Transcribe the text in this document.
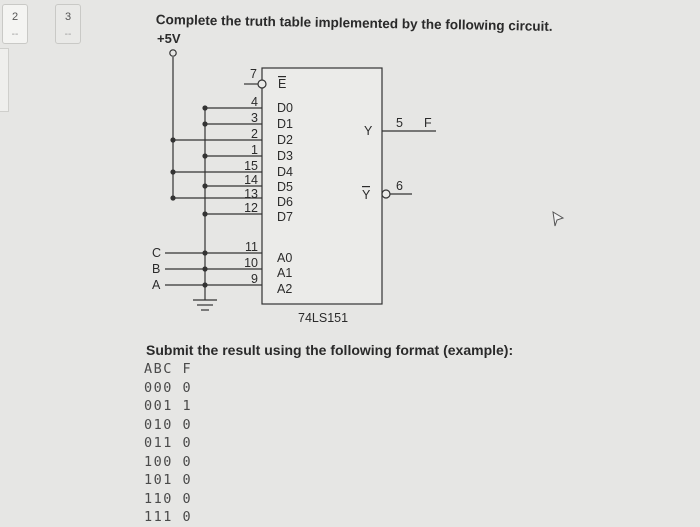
2
--
3
--
Complete the truth table implemented by the following circuit.
+5V
7
E
4
3
2
1
15
14
13
12
D0
D1
D2
D3
D4
D5
D6
D7
11
10
9
A0
A1
A2
C
B
A
Y
5 F
Y
6
74LS151
Submit the result using the following format (example):
ABC F
000 0
001 1
010 0
011 0
100 0
101 0
110 0
111 0
